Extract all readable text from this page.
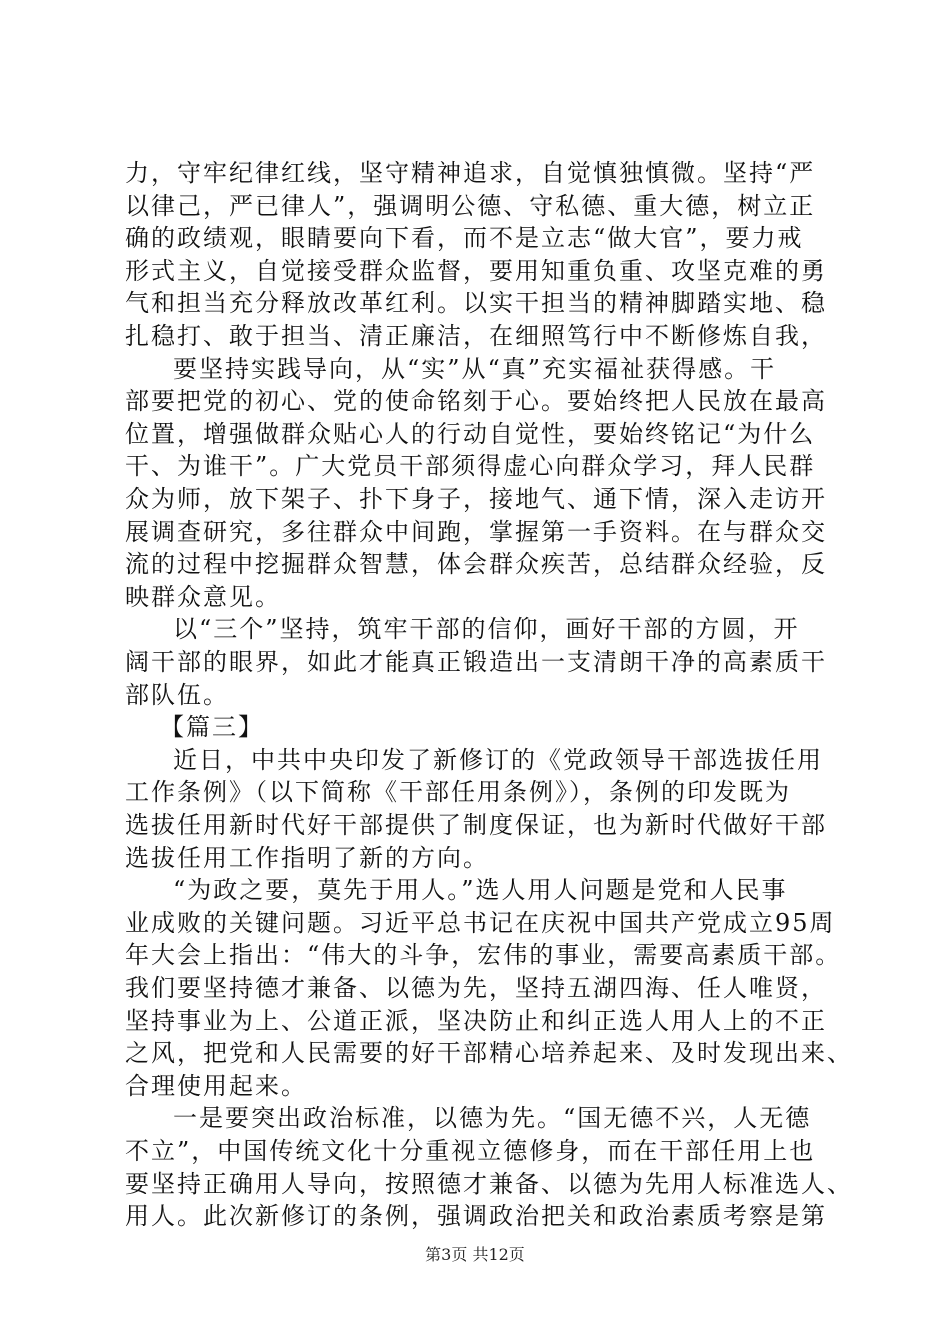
力，守牢纪律红线，坚守精神追求，自觉慎独慎微。坚持“严
以律己，严已律人”，强调明公德、守私德、重大德，树立正
确的政绩观，眼睛要向下看，而不是立志“做大官”，要力戒
形式主义，自觉接受群众监督，要用知重负重、攻坚克难的勇
气和担当充分释放改革红利。以实干担当的精神脚踏实地、稳
扎稳打、敢于担当、清正廉洁，在细照笃行中不断修炼自我，
要坚持实践导向，从“实”从“真”充实福祉获得感。干
部要把党的初心、党的使命铭刻于心。要始终把人民放在最高
位置，增强做群众贴心人的行动自觉性，要始终铭记“为什么
干、为谁干”。广大党员干部须得虚心向群众学习，拜人民群
众为师，放下架子、扑下身子，接地气、通下情，深入走访开
展调查研究，多往群众中间跑，掌握第一手资料。在与群众交
流的过程中挖掘群众智慧，体会群众疾苦，总结群众经验，反
映群众意见。
以“三个”坚持，筑牢干部的信仰，画好干部的方圆，开
阔干部的眼界，如此才能真正锻造出一支清朗干净的高素质干
部队伍。
【篇三】
近日，中共中央印发了新修订的《党政领导干部选拔任用
工作条例》（以下简称《干部任用条例》），条例的印发既为
选拔任用新时代好干部提供了制度保证，也为新时代做好干部
选拔任用工作指明了新的方向。
“为政之要，莫先于用人。”选人用人问题是党和人民事
业成败的关键问题。习近平总书记在庆祝中国共产党成立95周
年大会上指出：“伟大的斗争，宏伟的事业，需要高素质干部。
我们要坚持德才兼备、以德为先，坚持五湖四海、任人唯贤，
坚持事业为上、公道正派，坚决防止和纠正选人用人上的不正
之风，把党和人民需要的好干部精心培养起来、及时发现出来、
合理使用起来。
一是要突出政治标准，以德为先。“国无德不兴，人无德
不立”，中国传统文化十分重视立德修身，而在干部任用上也
要坚持正确用人导向，按照德才兼备、以德为先用人标准选人、
第3页 共12页
用人。此次新修订的条例，强调政治把关和政治素质考察是第
